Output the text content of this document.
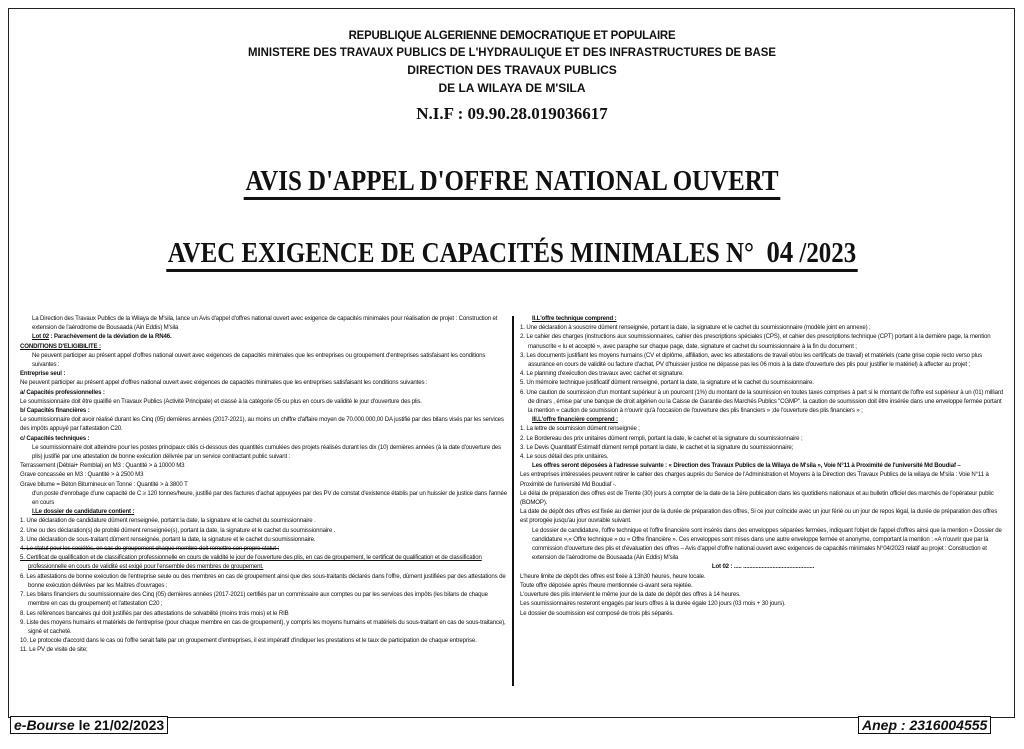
REPUBLIQUE ALGERIENNE DEMOCRATIQUE ET POPULAIRE
MINISTERE DES TRAVAUX PUBLICS DE L'HYDRAULIQUE ET DES INFRASTRUCTURES DE BASE
DIRECTION DES TRAVAUX PUBLICS
DE LA WILAYA DE M'SILA
N.I.F : 09.90.28.019036617
AVIS D'APPEL D'OFFRE NATIONAL OUVERT
AVEC EXIGENCE DE CAPACITÉS MINIMALES N° 04 /2023

La Direction des Travaux Publics de la Wilaya de M'sila, lance un Avis d'appel d'offres national ouvert avec exigence de capacités minimales pour réalisation de projet : Construction et extension de l'aérodrome de Bousaada (Ain Eddis) M'sila

Lot 02 : Parachèvement de la déviation de la RN46.

CONDITIONS D'ELIGIBILITE :

Ne peuvent participer au présent appel d'offres national ouvert avec exigences de capacités minimales que les entreprises ou groupement d'entreprises satisfaisant les conditions suivantes :

Entreprise seul :

Ne peuvent participer au présent appel d'offres national ouvert avec exigences de capacités minimales que les entreprises satisfaisant les conditions suivantes :

a/ Capacités professionnelles :

Le soumissionnaire doit être qualifié en Travaux Publics (Activité Principale) et classé à la catégorie 05 ou plus en cours de validité le jour d'ouverture des plis.

b/ Capacités financières :

Le soumissionnaire doit avoir réalisé durant les Cinq (05) dernières années (2017-2021), au moins un chiffre d'affaire moyen de 70.000.000,00 DA justifié par des bilans visés par les services des impôts appuyé par l'attestation C20.

c/ Capacités techniques :

Le soumissionnaire doit atteindre pour les postes principaux cités ci-dessous des quantités cumulées des projets réalisés durant les dix (10) dernières années (à la date d'ouverture des plis) justifié par une attestation de bonne exécution délivrée par un service contractant public suivant :

Terrassement (Déblai+ Remblai) en M3 : Quantité > à 10000 M3

Grave concassée en M3 : Quantité > à 2500 M3

Grave bitume = Béton Bitumineux en Tonne : Quantité > à 3800 T

d'un poste d'enrobage d'une capacité de C ≥ 120 tonnes/heure, justifié par des factures d'achat appuyées par des PV de constat d'existence établis par un huissier de justice dans l'année en cours

I.Le dossier de candidature contient :

1. Une déclaration de candidature dûment renseignée, portant la date, la signature et le cachet du soumissionnaire .

2. Une ou des déclaration(s) de probité dûment renseignée(s), portant la date, la signature et le cachet du soumissionnaire .

3. Une déclaration de sous-traitant dûment renseignée, portant la date, la signature et le cachet du soumissionnaire.

4. Le statut pour les sociétés, en cas de groupement chaque membre doit remettre son propre statut ;

5. Certificat de qualification et de classification professionnelle en cours de validité le jour de l'ouverture des plis, en cas de groupement, le certificat de qualification et de classification professionnelle en cours de validité est exigé pour l'ensemble des membres de groupement.

6. Les attestations de bonne exécution de l'entreprise seule ou des membres en cas de groupement ainsi que des sous-traitants déclarés dans l'offre, dûment justifiées par des attestations de bonne exécution délivrées par les Maîtres d'ouvrages ;

7. Les bilans financiers du soumissionnaire des Cinq (05) dernières années (2017-2021) certifiés par un commissaire aux comptes ou par les services des impôts (les bilans de chaque membre en cas du groupement) et l'attestation C20 ;

8. Les références bancaires qui doit justifiés par des attestations de solvabilité (moins trois mois) et le RIB

9. Liste des moyens humains et matériels de l'entreprise (pour chaque membre en cas de groupement), y compris les moyens humains et matériels du sous-traitant en cas de sous-traitance), signé et cacheté.

10. Le protocole d'accord dans le cas où l'offre serait faite par un groupement d'entreprises, il est impératif d'indiquer les prestations et le taux de participation de chaque entreprise.

11. Le PV de visite de site;

II.L'offre technique comprend :

1. Une déclaration à souscrire dûment renseignée, portant la date, la signature et le cachet du soumissionnaire (modèle joint en annexe) ;

2. Le cahier des charges (instructions aux soumissionnaires, cahier des prescriptions spéciales (CPS), et cahier des prescriptions technique (CPT) portant à la dernière page, la mention manuscrite « lu et accepté », avec paraphe sur chaque page, date, signature et cachet du soumissionnaire à la fin du document ;

3. Les documents justifiant les moyens humains (CV et diplôme, affiliation, avec les attestations de travail et/ou les certificats de travail) et matériels (carte grise copie recto verso plus assurance en cours de validité ou facture d'achat, PV d'huissier justice ne dépasse pas les 06 mois à la date d'ouverture des plis pour justifier le matériel) à affecter au projet ;

4. Le planning d'exécution des travaux avec cachet et signature.

5. Un mémoire technique justificatif dûment renseigné, portant la date, la signature et le cachet du soumissionnaire.

6. Une caution de soumission d'un montant supérieur à un pourcent (1%) du montant de la soumission en toutes taxes comprises à part si le montant de l'offre est supérieur à un (01) milliard de dinars , émise par une banque de droit algérien ou la Caisse de Garantie des Marchés Publics "CGMP". la caution de soumission doit être insérée dans une enveloppe fermée portant la mention « caution de soumission à n'ouvrir qu'à l'occasion de l'ouverture des plis financiers » ;de l'ouverture des plis financiers » ;

III.L'offre financière comprend :

1. La lettre de soumission dûment renseignée ;

2. Le Bordereau des prix unitaires dûment rempli, portant la date, le cachet et la signature du soumissionnaire ;

3. Le Devis Quantitatif Estimatif dûment rempli portant la date, le cachet et la signature du soumissionnaire;

4. Le sous détail des prix unitaires.

Les offres seront déposées à l'adresse suivante : « Direction des Travaux Publics de la Wilaya de M'sila », Voie N°11 à Proximité de l'université Md Boudiaf –

Les entreprises intéressées peuvent retirer le cahier des charges auprès du Service de l'Administration et Moyens à la Direction des Travaux Publics de la wilaya de M'sila : Voie N°11 à Proximité de l'université Md Boudiaf -.

Le délai de préparation des offres est de Trente (30) jours à compter de la date de la 1ère publication dans les quotidiens nationaux et au bulletin officiel des marchés de l'opérateur public (BOMOP).

La date de dépôt des offres est fixée au dernier jour de la durée de préparation des offres, Si ce jour coïncide avec un jour férié ou un jour de repos légal, la durée de préparation des offres est prorogée jusqu'au jour ouvrable suivant.

Le dossier de candidature, l'offre technique et l'offre financière sont insérés dans des enveloppes séparées fermées, indiquant l'objet de l'appel d'offres ainsi que la mention « Dossier de candidature »,« Offre technique » ou « Offre financière ». Ces enveloppes sont mises dans une autre enveloppe fermée et anonyme, comportant la mention : «A n'ouvrir que par la commission d'ouverture des plis et d'évaluation des offres – Avis d'appel d'offre national ouvert avec exigences de capacités minimales N°04/2023 relatif au projet : Construction et extension de l'aérodrome de Bousaada (Ain Eddis) M'sila

Lot 02 : ..... ..............................................

L'heure limite de dépôt des offres est fixée à 13h30 heures, heure locale.

Toute offre déposée après l'heure mentionnée ci-avant sera rejetée.

L'ouverture des plis intervient le même jour de la date de dépôt des offres à 14 heures.

Les soumissionnaires resteront engagés par leurs offres à la durée égale 120 jours (03 mois + 30 jours).

Le dossier de soumission est composé de trois plis séparés.

e-Bourse le 21/02/2023	Anep : 2316004555
